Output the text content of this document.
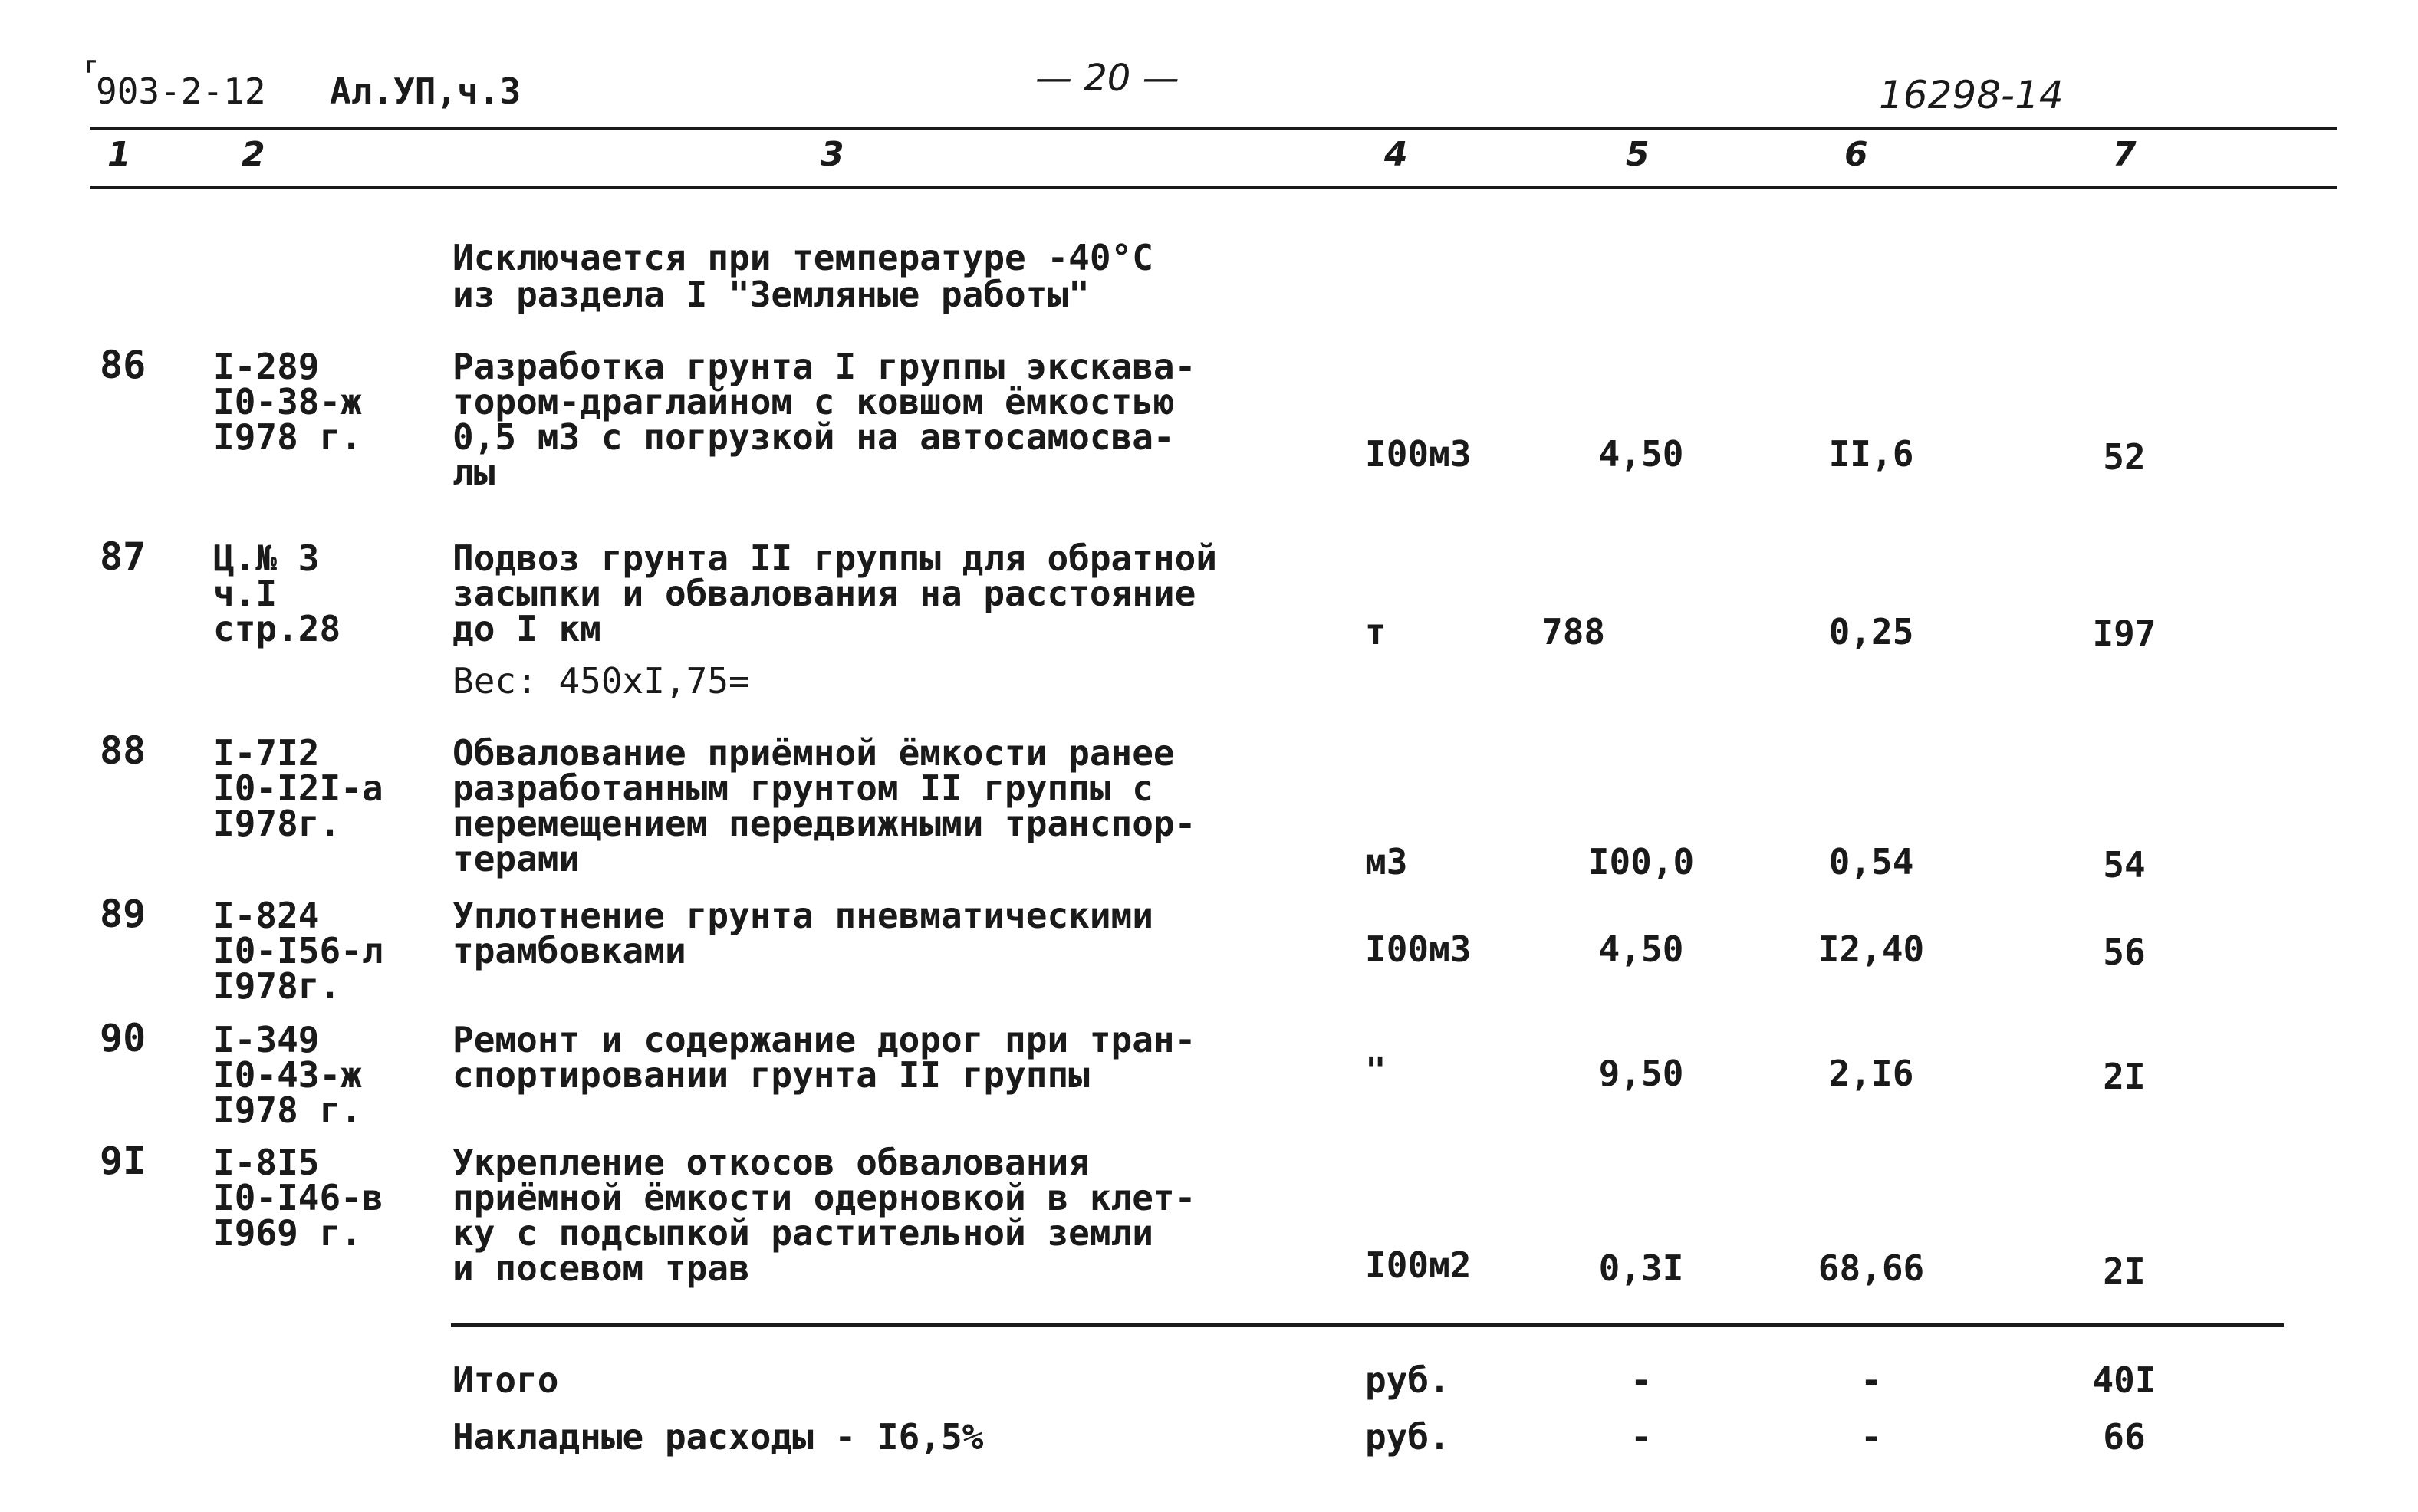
г
903-2-12 Ал.УП,ч.3	— 20 —	16298-14
1	2	3	4	5	6	7
Исключается при температуре -40°С
из раздела I "Земляные работы"
86 I-289
I0-38-ж
I978 г.
Разработка грунта I группы экскава-
тором-драглайном с ковшом ёмкостью
0,5 м3 с погрузкой на автосамосва-
лы	I00м3	4,50	II,6	52
87 Ц.№ 3
ч.I
стр.28
Подвоз грунта II группы для обратной
засыпки и обвалования на расстояние
до I км
Вес: 450хI,75=
т	788	0,25	I97
88 I-7I2
I0-I2I-а
I978г.
Обвалование приёмной ёмкости ранее
разработанным грунтом II группы с
перемещением передвижными транспор-
терами	м3	I00,0	0,54	54
89 I-824
I0-I56-л
I978г.
Уплотнение грунта пневматическими
трамбовками	I00м3	4,50	I2,40	56
90 I-349
I0-43-ж
I978 г.
Ремонт и содержание дорог при тран-
спортировании грунта II группы	"	9,50	2,I6	2I
9I I-8I5
I0-I46-в
I969 г.
Укрепление откосов обвалования
приёмной ёмкости одерновкой в клет-
ку с подсыпкой растительной земли
и посевом трав	I00м2	0,3I	68,66	2I
Итого	руб.	-	-	40I
Накладные расходы - I6,5%	руб.	-	-	66
